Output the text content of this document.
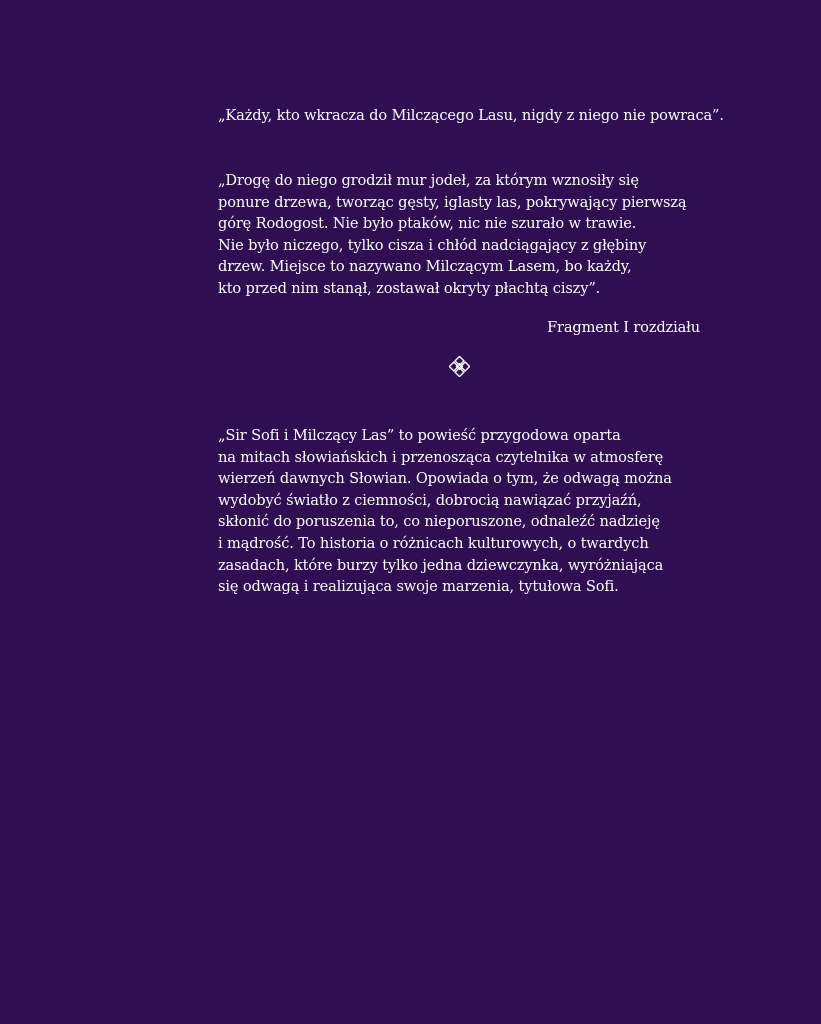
„Każdy, kto wkracza do Milczącego Lasu, nigdy z niego nie powraca”.
„Drogę do niego grodził mur jodeł, za którym wznosiły się
ponure drzewa, tworząc gęsty, iglasty las, pokrywający pierwszą
górę Rodogost. Nie było ptaków, nic nie szurało w trawie.
Nie było niczego, tylko cisza i chłód nadciągający z głębiny
drzew. Miejsce to nazywano Milczącym Lasem, bo każdy,
kto przed nim stanął, zostawał okryty płachtą ciszy”.
Fragment I rozdziału
„Sir Sofi i Milczący Las” to powieść przygodowa oparta
na mitach słowiańskich i przenosząca czytelnika w atmosferę
wierzeń dawnych Słowian. Opowiada o tym, że odwagą można
wydobyć światło z ciemności, dobrocią nawiązać przyjaźń,
skłonić do poruszenia to, co nieporuszone, odnaleźć nadzieję
i mądrość. To historia o różnicach kulturowych, o twardych
zasadach, które burzy tylko jedna dziewczynka, wyróżniająca
się odwagą i realizująca swoje marzenia, tytułowa Sofi.
